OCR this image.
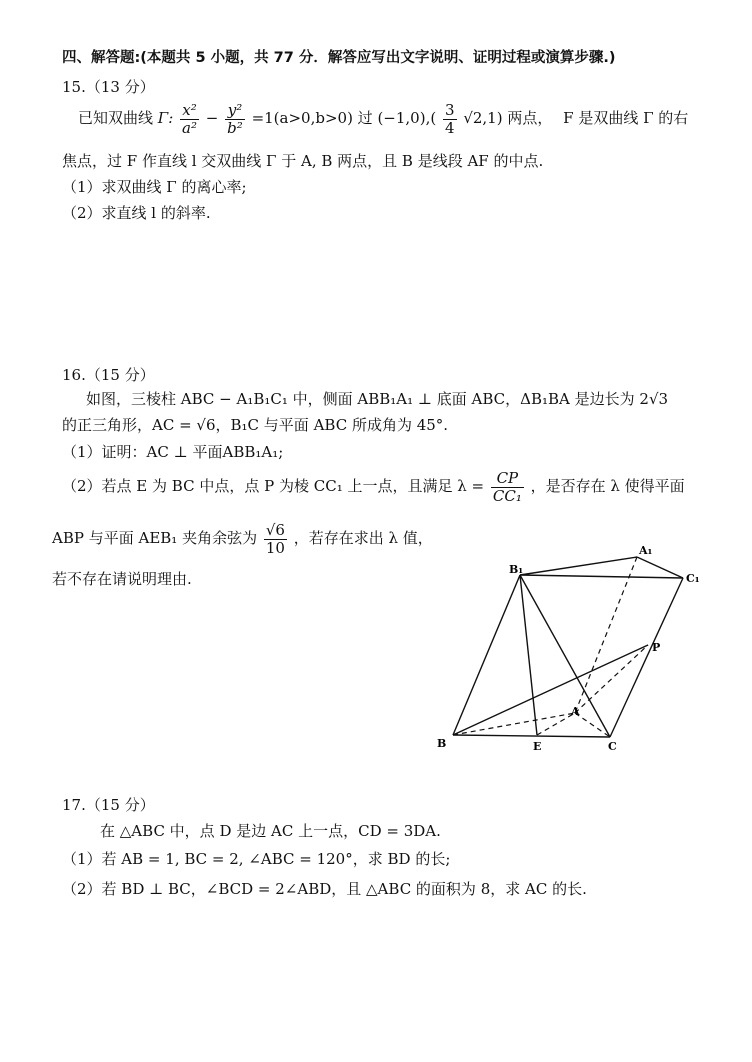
四、解答题:(本题共 5 小题，共 77 分．解答应写出文字说明、证明过程或演算步骤.)
15.（13 分）
已知双曲线 Γ: $\frac{\text{x²}}{\text{a²}} - \frac{\text{y²}}{\text{b²}} =1(a>0,b>0)$ 过 $(-1,0),( \frac{3}{4} √2,1)$ 两点， F 是双曲线 Γ 的右
焦点，过 F 作直线 l 交双曲线 Γ 于 A, B 两点，且 B 是线段 AF 的中点.
（1）求双曲线 Γ 的离心率;
（2）求直线 l 的斜率.
16.（15 分）
如图，三棱柱 ABC − A₁B₁C₁ 中，侧面 ABB₁A₁ ⊥ 底面 ABC，ΔB₁BA 是边长为 2√3
的正三角形，AC = √6，B₁C 与平面 ABC 所成角为 45°.
（1）证明：AC ⊥ 平面ABB₁A₁;
（2）若点 E 为 BC 中点，点 P 为棱 CC₁ 上一点，且满足 $\lambda = \frac{CP}{\text{CC₁}}$ ，是否存在 λ 使得平面
ABP 与平面 AEB₁ 夹角余弦为 $\frac{√6}{10}$ ，若存在求出 λ 值，
若不存在请说明理由.
B₁
A₁
C₁
P
A
B	E	C
17.（15 分）
在 △ABC 中，点 D 是边 AC 上一点，CD = 3DA.
（1）若 AB = 1, BC = 2, ∠ABC = 120°，求 BD 的长;
（2）若 BD ⊥ BC，∠BCD = 2∠ABD，且 △ABC 的面积为 8，求 AC 的长.
